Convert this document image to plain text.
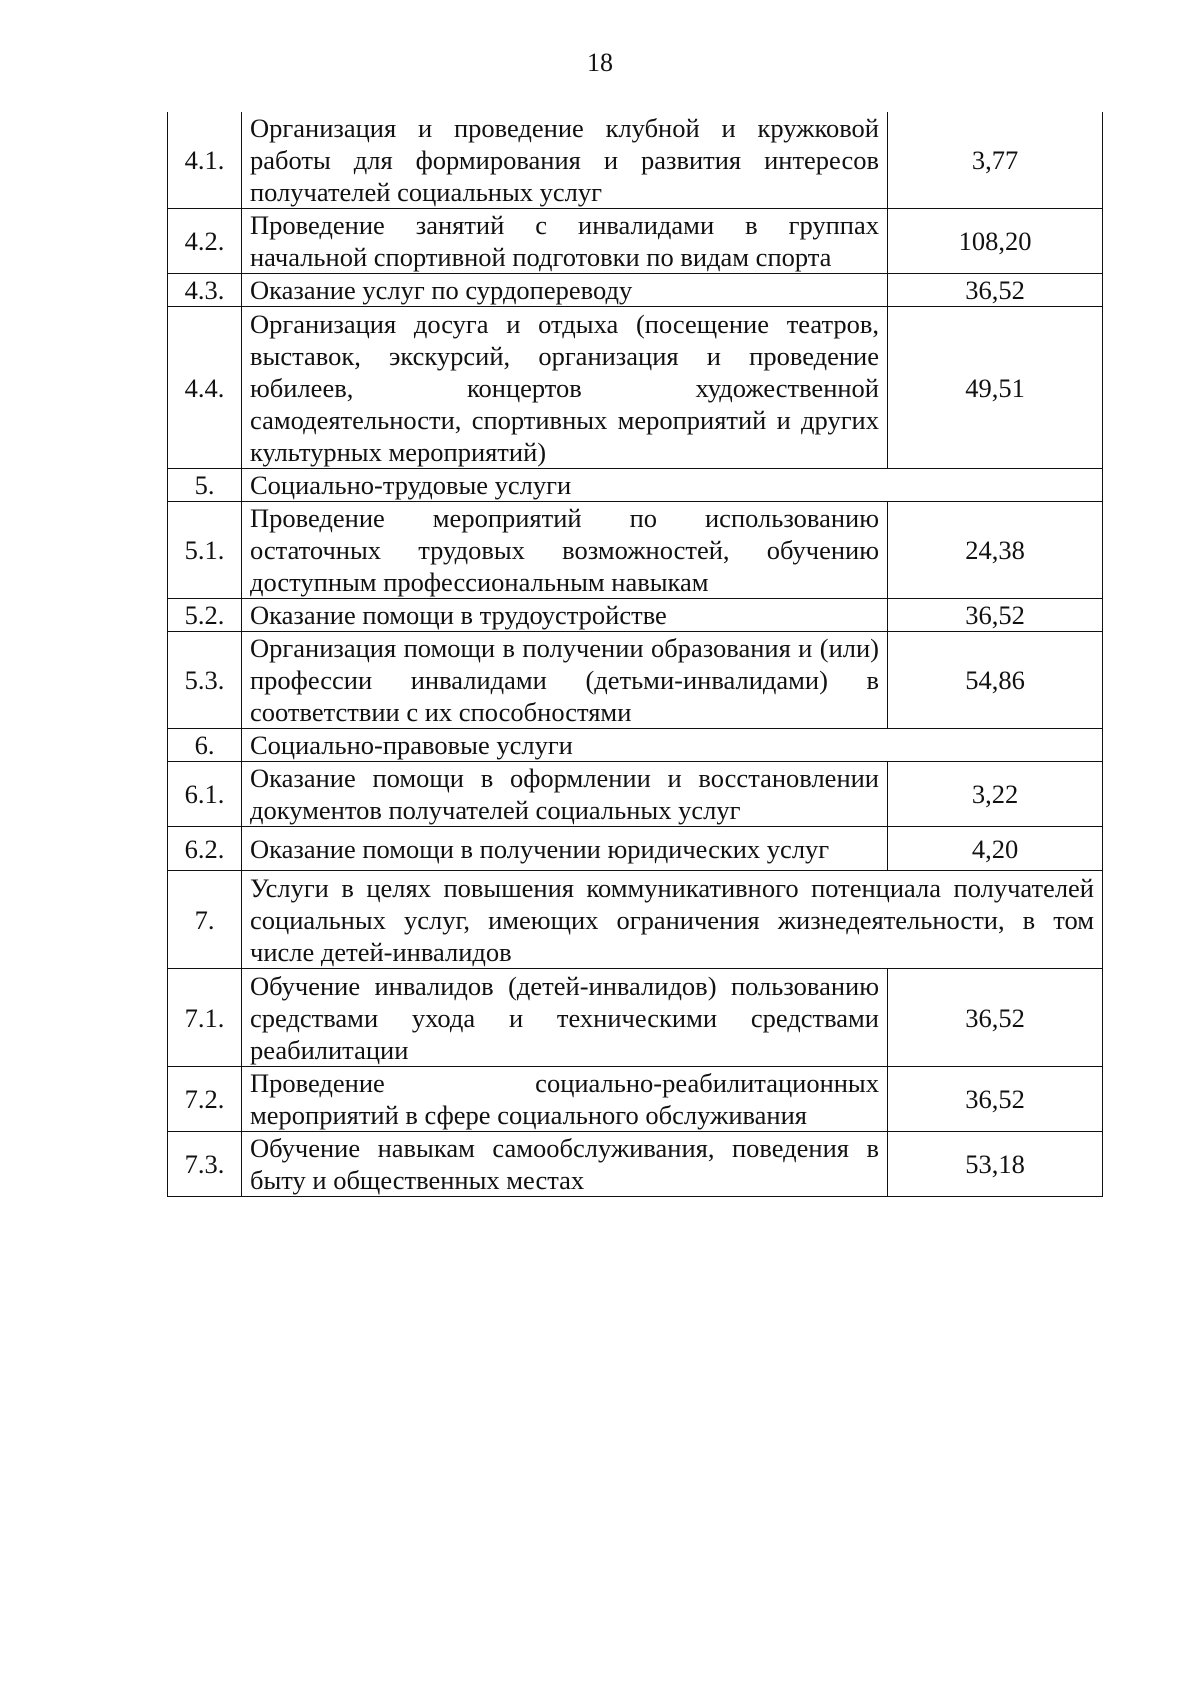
18
4.1.	Организация и проведение клубной и кружковой работы для формирования и развития интересов получателей социальных услуг	3,77
4.2.	Проведение занятий с инвалидами в группах начальной спортивной подготовки по видам спорта	108,20
4.3.	Оказание услуг по сурдопереводу	36,52
4.4.	Организация досуга и отдыха (посещение театров, выставок, экскурсий, организация и проведение юбилеев, концертов художественной самодеятельности, спортивных мероприятий и других культурных мероприятий)	49,51
5.	Социально-трудовые услуги	
5.1.	Проведение мероприятий по использованию остаточных трудовых возможностей, обучению доступным профессиональным навыкам	24,38
5.2.	Оказание помощи в трудоустройстве	36,52
5.3.	Организация помощи в получении образования и (или) профессии инвалидами (детьми-инвалидами) в соответствии с их способностями	54,86
6.	Социально-правовые услуги	
6.1.	Оказание помощи в оформлении и восстановлении документов получателей социальных услуг	3,22
6.2.	Оказание помощи в получении юридических услуг	4,20
7.	Услуги в целях повышения коммуникативного потенциала получателей социальных услуг, имеющих ограничения жизнедеятельности, в том числе детей-инвалидов	
7.1.	Обучение инвалидов (детей-инвалидов) пользованию средствами ухода и техническими средствами реабилитации	36,52
7.2.	Проведение социально-реабилитационных мероприятий в сфере социального обслуживания	36,52
7.3.	Обучение навыкам самообслуживания, поведения в быту и общественных местах	53,18
